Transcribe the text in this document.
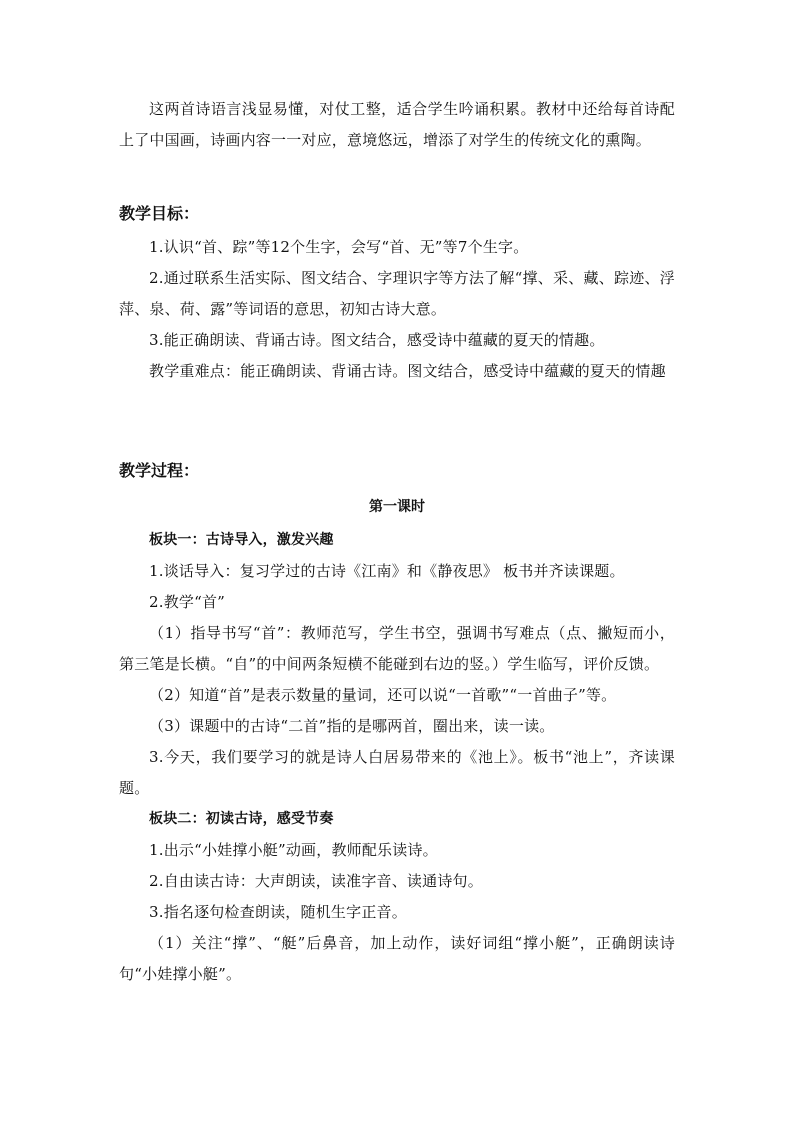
这两首诗语言浅显易懂，对仗工整，适合学生吟诵积累。教材中还给每首诗配上了中国画，诗画内容一一对应，意境悠远，增添了对学生的传统文化的熏陶。

教学目标：

1.认识“首、踪”等12个生字，会写“首、无”等7个生字。

2.通过联系生活实际、图文结合、字理识字等方法了解“撑、采、藏、踪迹、浮萍、泉、荷、露”等词语的意思，初知古诗大意。

3.能正确朗读、背诵古诗。图文结合，感受诗中蕴藏的夏天的情趣。

教学重难点：能正确朗读、背诵古诗。图文结合，感受诗中蕴藏的夏天的情趣

教学过程：

第一课时

板块一：古诗导入，激发兴趣

1.谈话导入：复习学过的古诗《江南》和《静夜思》 板书并齐读课题。

2.教学“首”

（1）指导书写“首”：教师范写，学生书空，强调书写难点（点、撇短而小，第三笔是长横。“自”的中间两条短横不能碰到右边的竖。）学生临写，评价反馈。

（2）知道“首”是表示数量的量词，还可以说“一首歌”“一首曲子”等。

（3）课题中的古诗“二首”指的是哪两首，圈出来，读一读。

3.今天，我们要学习的就是诗人白居易带来的《池上》。板书“池上”，齐读课题。

板块二：初读古诗，感受节奏

1.出示“小娃撑小艇”动画，教师配乐读诗。

2.自由读古诗：大声朗读，读准字音、读通诗句。

3.指名逐句检查朗读，随机生字正音。

（1）关注“撑”、“艇”后鼻音，加上动作，读好词组“撑小艇”，正确朗读诗句“小娃撑小艇”。
